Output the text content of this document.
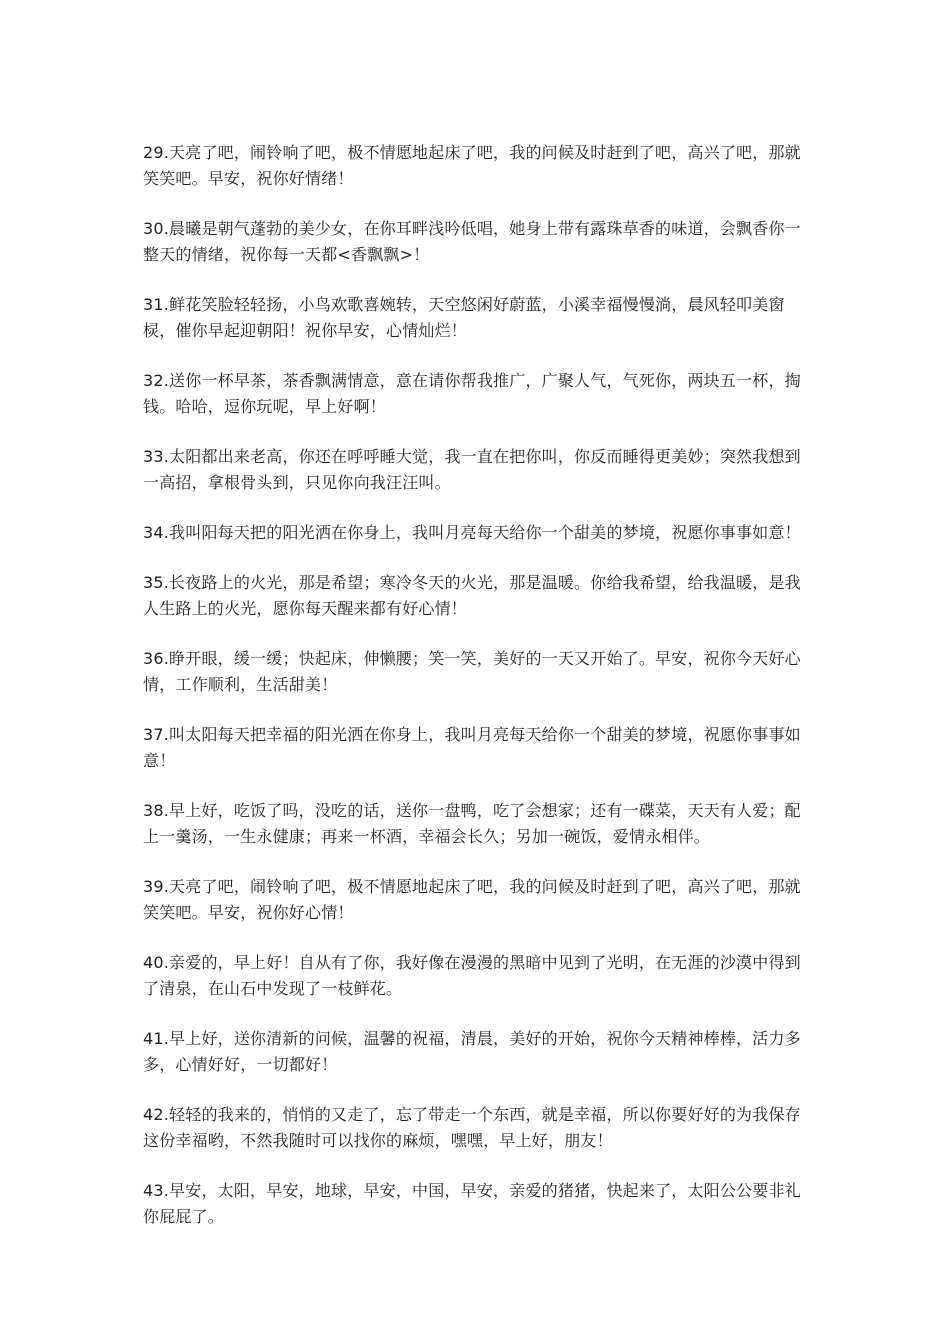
29.天亮了吧，闹铃响了吧，极不情愿地起床了吧，我的问候及时赶到了吧，高兴了吧，那就笑笑吧。早安，祝你好情绪！

30.晨曦是朝气蓬勃的美少女，在你耳畔浅吟低唱，她身上带有露珠草香的味道，会飘香你一整天的情绪，祝你每一天都<香飘飘>！

31.鲜花笑脸轻轻扬，小鸟欢歌喜婉转，天空悠闲好蔚蓝，小溪幸福慢慢淌，晨风轻叩美窗棂，催你早起迎朝阳！祝你早安，心情灿烂！

32.送你一杯早茶，茶香飘满情意，意在请你帮我推广，广聚人气，气死你，两块五一杯，掏钱。哈哈，逗你玩呢，早上好啊！

33.太阳都出来老高，你还在呼呼睡大觉，我一直在把你叫，你反而睡得更美妙；突然我想到一高招，拿根骨头到，只见你向我汪汪叫。

34.我叫阳每天把的阳光洒在你身上，我叫月亮每天给你一个甜美的梦境，祝愿你事事如意！

35.长夜路上的火光，那是希望；寒冷冬天的火光，那是温暖。你给我希望，给我温暖，是我人生路上的火光，愿你每天醒来都有好心情！

36.睁开眼，缓一缓；快起床，伸懒腰；笑一笑，美好的一天又开始了。早安，祝你今天好心情，工作顺利，生活甜美！

37.叫太阳每天把幸福的阳光洒在你身上，我叫月亮每天给你一个甜美的梦境，祝愿你事事如意！

38.早上好，吃饭了吗，没吃的话，送你一盘鸭，吃了会想家；还有一碟菜，天天有人爱；配上一羹汤，一生永健康；再来一杯酒，幸福会长久；另加一碗饭，爱情永相伴。

39.天亮了吧，闹铃响了吧，极不情愿地起床了吧，我的问候及时赶到了吧，高兴了吧，那就笑笑吧。早安，祝你好心情！

40.亲爱的，早上好！自从有了你，我好像在漫漫的黑暗中见到了光明，在无涯的沙漠中得到了清泉，在山石中发现了一枝鲜花。

41.早上好，送你清新的问候，温馨的祝福，清晨，美好的开始，祝你今天精神棒棒，活力多多，心情好好，一切都好！

42.轻轻的我来的，悄悄的又走了，忘了带走一个东西，就是幸福，所以你要好好的为我保存这份幸福哟，不然我随时可以找你的麻烦，嘿嘿，早上好，朋友！

43.早安，太阳，早安，地球，早安，中国，早安，亲爱的猪猪，快起来了，太阳公公要非礼你屁屁了。
